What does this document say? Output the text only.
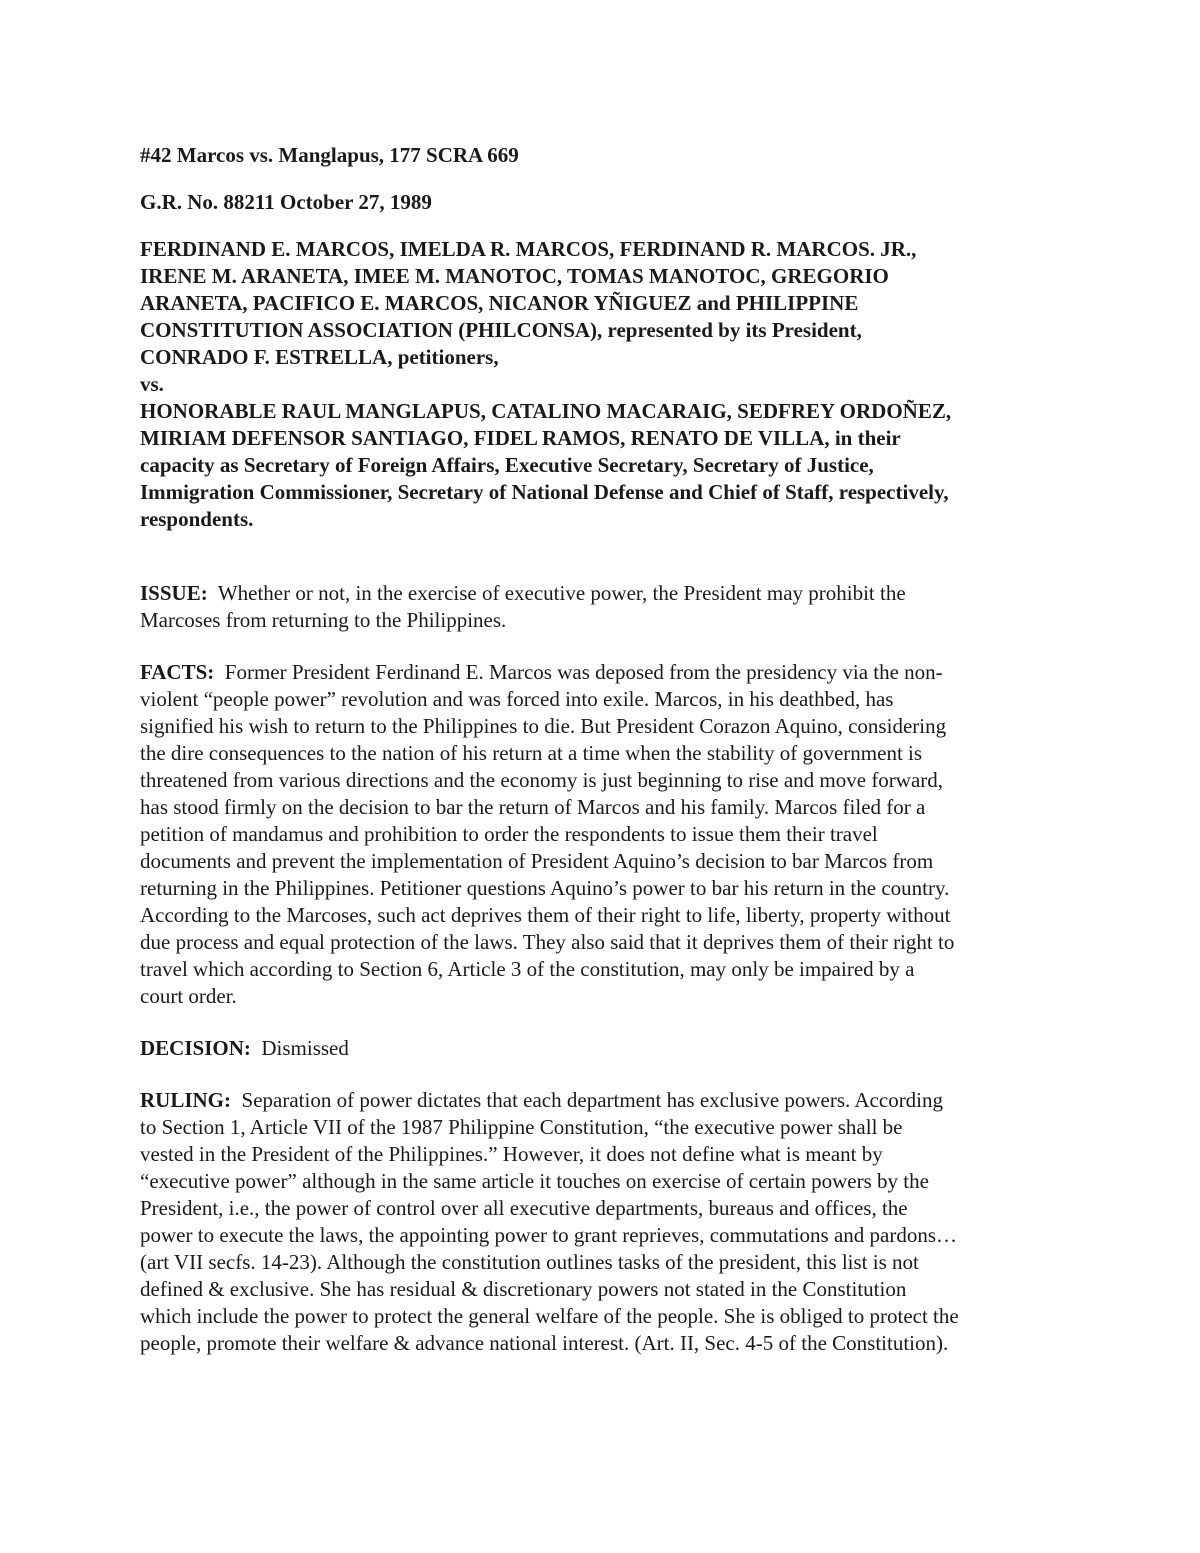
#42 Marcos vs. Manglapus, 177 SCRA 669

G.R. No. 88211 October 27, 1989

FERDINAND E. MARCOS, IMELDA R. MARCOS, FERDINAND R. MARCOS. JR.,
IRENE M. ARANETA, IMEE M. MANOTOC, TOMAS MANOTOC, GREGORIO
ARANETA, PACIFICO E. MARCOS, NICANOR YÑIGUEZ and PHILIPPINE
CONSTITUTION ASSOCIATION (PHILCONSA), represented by its President,
CONRADO F. ESTRELLA, petitioners,
vs.
HONORABLE RAUL MANGLAPUS, CATALINO MACARAIG, SEDFREY ORDOÑEZ,
MIRIAM DEFENSOR SANTIAGO, FIDEL RAMOS, RENATO DE VILLA, in their
capacity as Secretary of Foreign Affairs, Executive Secretary, Secretary of Justice,
Immigration Commissioner, Secretary of National Defense and Chief of Staff, respectively,
respondents.
ISSUE: Whether or not, in the exercise of executive power, the President may prohibit the
Marcoses from returning to the Philippines.
FACTS: Former President Ferdinand E. Marcos was deposed from the presidency via the non-
violent “people power” revolution and was forced into exile. Marcos, in his deathbed, has
signified his wish to return to the Philippines to die. But President Corazon Aquino, considering
the dire consequences to the nation of his return at a time when the stability of government is
threatened from various directions and the economy is just beginning to rise and move forward,
has stood firmly on the decision to bar the return of Marcos and his family. Marcos filed for a
petition of mandamus and prohibition to order the respondents to issue them their travel
documents and prevent the implementation of President Aquino’s decision to bar Marcos from
returning in the Philippines. Petitioner questions Aquino’s power to bar his return in the country.
According to the Marcoses, such act deprives them of their right to life, liberty, property without
due process and equal protection of the laws. They also said that it deprives them of their right to
travel which according to Section 6, Article 3 of the constitution, may only be impaired by a
court order.
DECISION: Dismissed
RULING: Separation of power dictates that each department has exclusive powers. According
to Section 1, Article VII of the 1987 Philippine Constitution, “the executive power shall be
vested in the President of the Philippines.” However, it does not define what is meant by
“executive power” although in the same article it touches on exercise of certain powers by the
President, i.e., the power of control over all executive departments, bureaus and offices, the
power to execute the laws, the appointing power to grant reprieves, commutations and pardons…
(art VII secfs. 14-23). Although the constitution outlines tasks of the president, this list is not
defined & exclusive. She has residual & discretionary powers not stated in the Constitution
which include the power to protect the general welfare of the people. She is obliged to protect the
people, promote their welfare & advance national interest. (Art. II, Sec. 4-5 of the Constitution).
